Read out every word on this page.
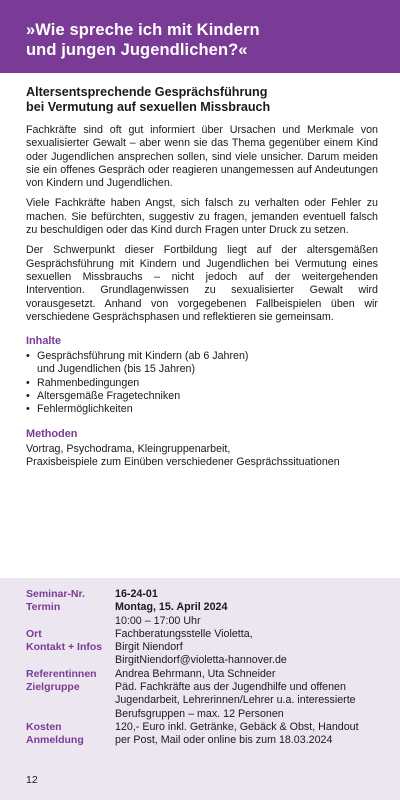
»Wie spreche ich mit Kindern
und jungen Jugendlichen?«
Altersentsprechende Gesprächsführung
bei Vermutung auf sexuellen Missbrauch

Fachkräfte sind oft gut informiert über Ursachen und Merkmale von sexualisierter Gewalt – aber wenn sie das Thema gegenüber einem Kind oder Jugendlichen ansprechen sollen, sind viele unsicher. Darum meiden sie ein offenes Gespräch oder reagieren unangemessen auf Andeutungen von Kindern und Jugendlichen.

Viele Fachkräfte haben Angst, sich falsch zu verhalten oder Fehler zu machen. Sie befürchten, suggestiv zu fragen, jemanden eventuell falsch zu beschuldigen oder das Kind durch Fragen unter Druck zu setzen.

Der Schwerpunkt dieser Fortbildung liegt auf der altersgemäßen Gesprächsführung mit Kindern und Jugendlichen bei Vermutung eines sexuellen Missbrauchs – nicht jedoch auf der weitergehenden Intervention. Grundlagenwissen zu sexualisierter Gewalt wird vorausgesetzt. Anhand von vorgegebenen Fallbeispielen üben wir verschiedene Gesprächsphasen und reflektieren sie gemeinsam.

Inhalte
• Gesprächsführung mit Kindern (ab 6 Jahren)
und Jugendlichen (bis 15 Jahren)
• Rahmenbedingungen
• Altersgemäße Fragetechniken
• Fehlermöglichkeiten
Methoden
Vortrag, Psychodrama, Kleingruppenarbeit,
Praxisbeispiele zum Einüben verschiedener Gesprächssituationen
Seminar-Nr.	16-24-01
Termin	Montag, 15. April 2024
10:00 – 17:00 Uhr
Ort	Fachberatungsstelle Violetta,
Kontakt + Infos	Birgit Niendorf
BirgitNiendorf@violetta-hannover.de
Referentinnen	Andrea Behrmann, Uta Schneider
Zielgruppe	Päd. Fachkräfte aus der Jugendhilfe und offenen
Jugendarbeit, Lehrerinnen/Lehrer u.a. interessierte
Berufsgruppen – max. 12 Personen
Kosten	120,- Euro inkl. Getränke, Gebäck & Obst, Handout
Anmeldung	per Post, Mail oder online bis zum 18.03.2024
12
